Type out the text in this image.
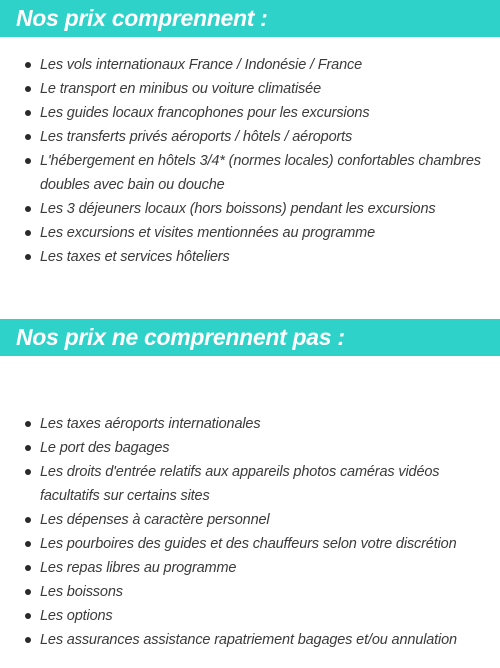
Nos prix comprennent :
Les vols internationaux France / Indonésie / France
Le transport en minibus ou voiture climatisée
Les guides locaux francophones pour les excursions
Les transferts privés aéroports / hôtels / aéroports
L'hébergement en hôtels 3/4* (normes locales) confortables chambres doubles avec bain ou douche
Les 3 déjeuners locaux (hors boissons) pendant les excursions
Les excursions et visites mentionnées au programme
Les taxes et services hôteliers
Nos prix ne comprennent pas :
Les taxes aéroports internationales
Le port des bagages
Les droits d'entrée relatifs aux appareils photos caméras vidéos facultatifs sur certains sites
Les dépenses à caractère personnel
Les pourboires des guides et des chauffeurs selon votre discrétion
Les repas libres au programme
Les boissons
Les options
Les assurances assistance rapatriement bagages et/ou annulation
